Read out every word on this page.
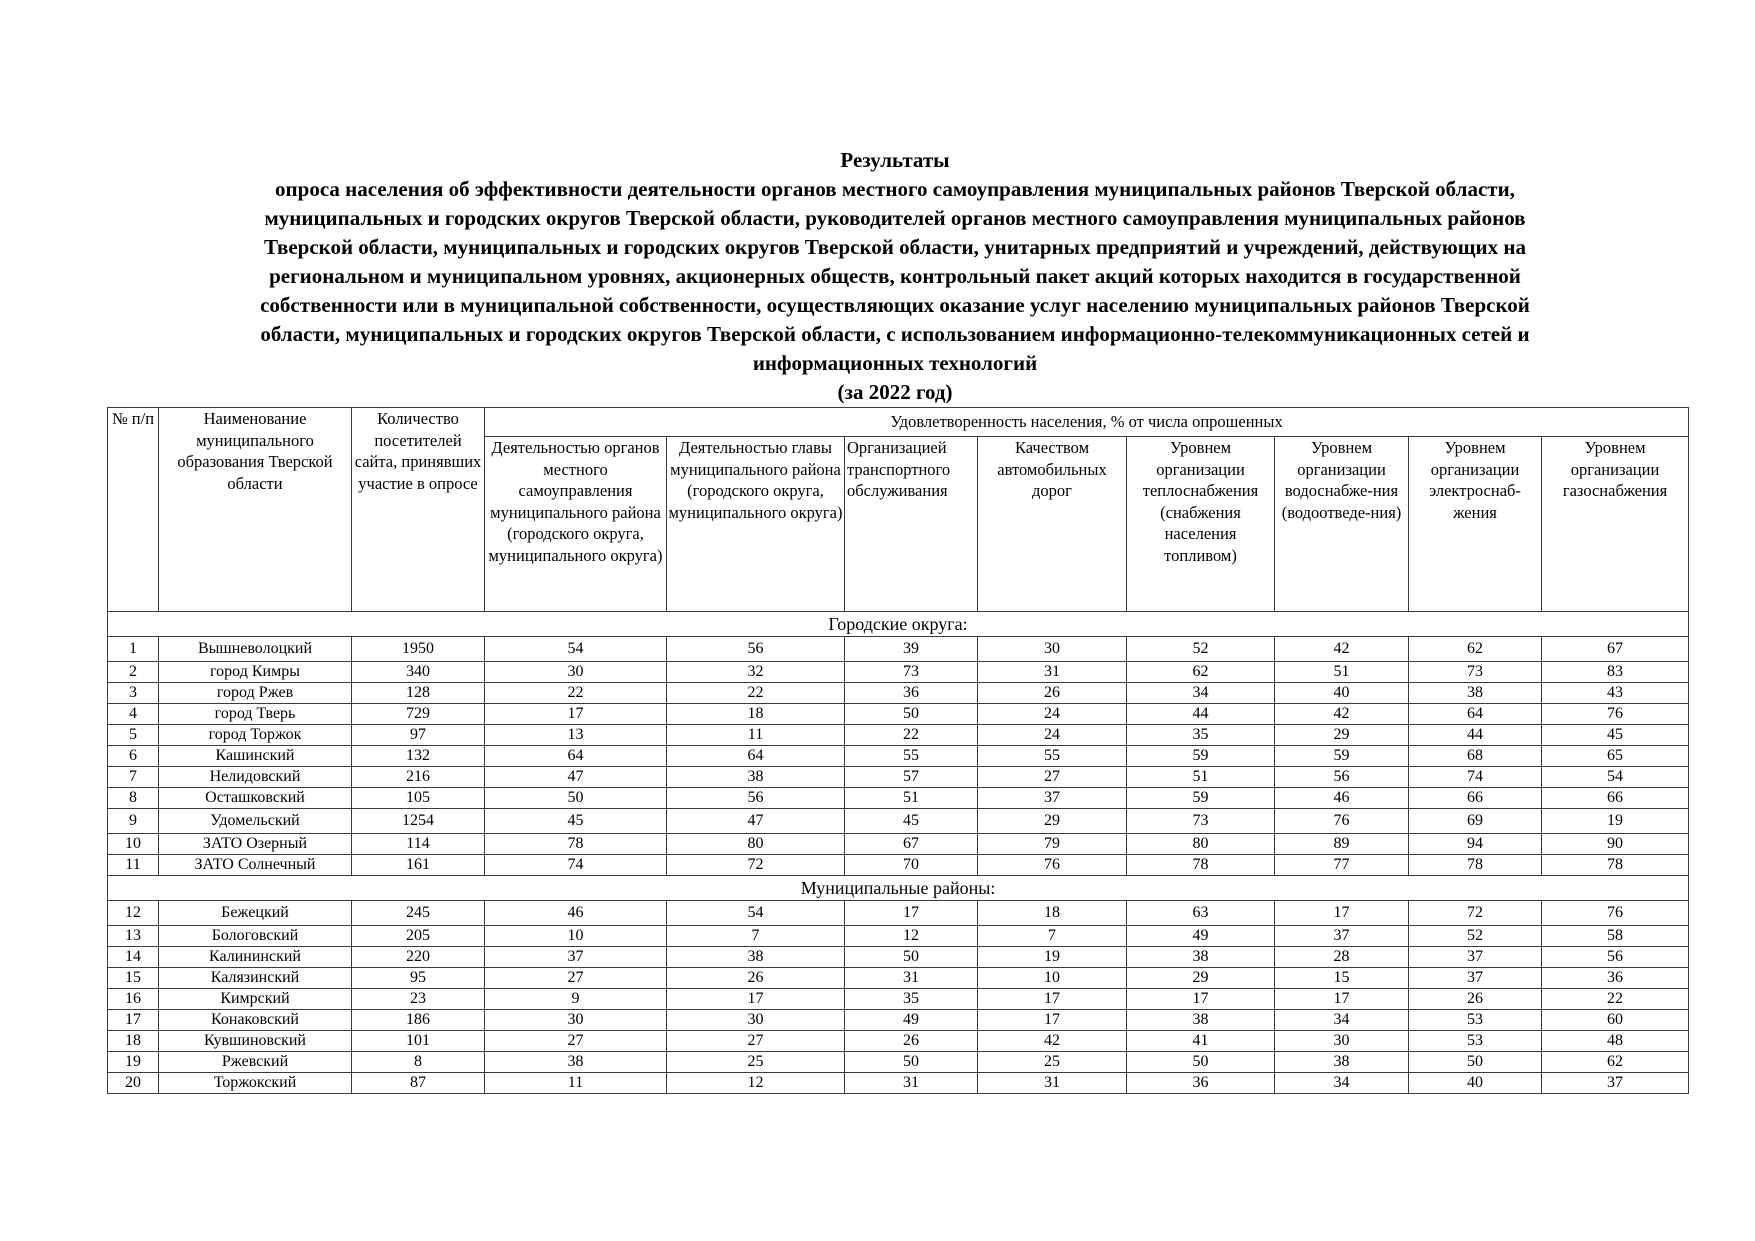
Результаты
опроса населения об эффективности деятельности органов местного самоуправления муниципальных районов Тверской области,
муниципальных и городских округов Тверской области, руководителей органов местного самоуправления муниципальных районов
Тверской области, муниципальных и городских округов Тверской области, унитарных предприятий и учреждений, действующих на
региональном и муниципальном уровнях, акционерных обществ, контрольный пакет акций которых находится в государственной
собственности или в муниципальной собственности, осуществляющих оказание услуг населению муниципальных районов Тверской
области, муниципальных и городских округов Тверской области, с использованием информационно-телекоммуникационных сетей и
информационных технологий
(за 2022 год)
№ п/п	Наименование муниципального образования Тверской области	Количество посетителей сайта, принявших участие в опросе	Удовлетворенность населения, % от числа опрошенных							
			Деятельностью органов местного самоуправления муниципального района (городского округа, муниципального округа)	Деятельностью главы муниципального района (городского округа, муниципального округа)	Организацией транспортного обслуживания	Качеством автомобильных дорог	Уровнем организации теплоснабжения (снабжения населения топливом)	Уровнем организации водоснабже-ния (водоотведе-ния)	Уровнем организации электроснаб-жения	Уровнем организации газоснабжения
Городские округа:										
1	Вышневолоцкий	1950	54	56	39	30	52	42	62	67
2	город Кимры	340	30	32	73	31	62	51	73	83
3	город Ржев	128	22	22	36	26	34	40	38	43
4	город Тверь	729	17	18	50	24	44	42	64	76
5	город Торжок	97	13	11	22	24	35	29	44	45
6	Кашинский	132	64	64	55	55	59	59	68	65
7	Нелидовский	216	47	38	57	27	51	56	74	54
8	Осташковский	105	50	56	51	37	59	46	66	66
9	Удомельский	1254	45	47	45	29	73	76	69	19
10	ЗАТО Озерный	114	78	80	67	79	80	89	94	90
11	ЗАТО Солнечный	161	74	72	70	76	78	77	78	78
Муниципальные районы:										
12	Бежецкий	245	46	54	17	18	63	17	72	76
13	Бологовский	205	10	7	12	7	49	37	52	58
14	Калининский	220	37	38	50	19	38	28	37	56
15	Калязинский	95	27	26	31	10	29	15	37	36
16	Кимрский	23	9	17	35	17	17	17	26	22
17	Конаковский	186	30	30	49	17	38	34	53	60
18	Кувшиновский	101	27	27	26	42	41	30	53	48
19	Ржевский	8	38	25	50	25	50	38	50	62
20	Торжокский	87	11	12	31	31	36	34	40	37
